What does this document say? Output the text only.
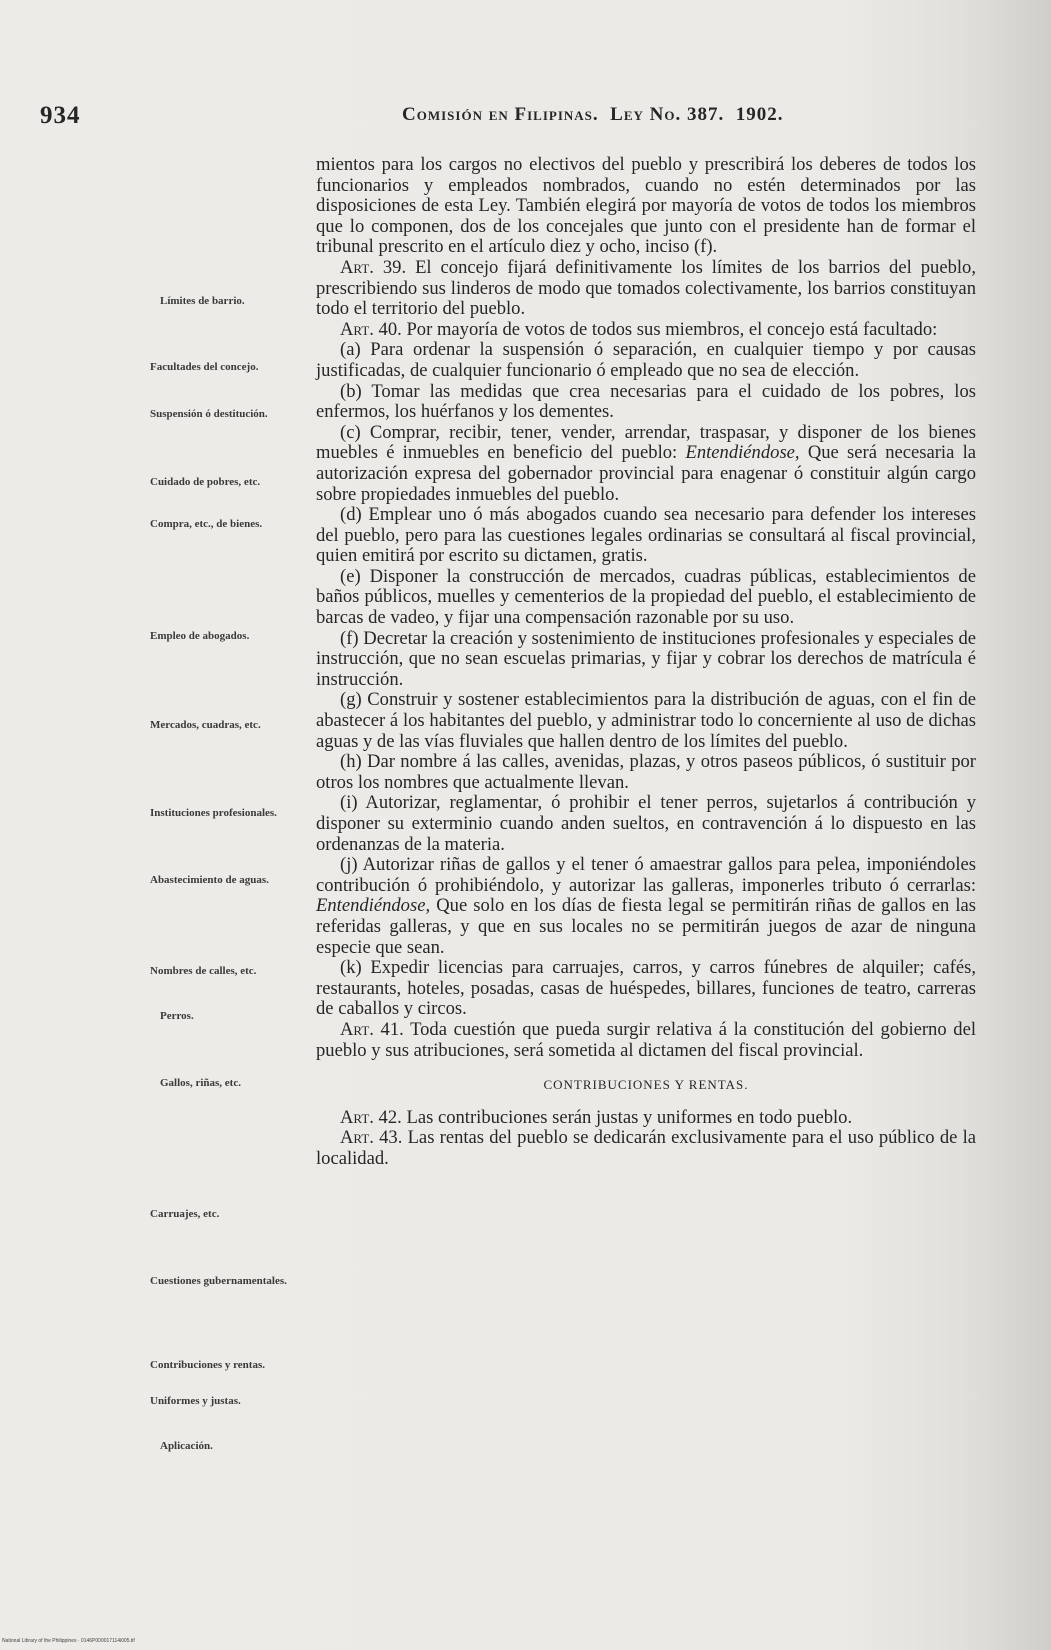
934	Comisión en Filipinas. Ley No. 387. 1902.
Límites de barrio.
Facultades del concejo.
Suspensión ó destitución.
Cuidado de pobres, etc.
Compra, etc., de bienes.
Empleo de abogados.
Mercados, cuadras, etc.
Instituciones profesionales.
Abastecimiento de aguas.
Nombres de calles, etc.
Perros.
Gallos, riñas, etc.
Carruajes, etc.
Cuestiones gubernamentales.
Contribuciones y rentas.
Uniformes y justas.
Aplicación.

mientos para los cargos no electivos del pueblo y prescribirá los deberes de todos los funcionarios y empleados nombrados, cuando no estén determinados por las disposiciones de esta Ley. También elegirá por mayoría de votos de todos los miembros que lo componen, dos de los concejales que junto con el presidente han de formar el tribunal prescrito en el artículo diez y ocho, inciso (f).

Art. 39. El concejo fijará definitivamente los límites de los barrios del pueblo, prescribiendo sus linderos de modo que tomados colectivamente, los barrios constituyan todo el territorio del pueblo.

Art. 40. Por mayoría de votos de todos sus miembros, el concejo está facultado:

(a) Para ordenar la suspensión ó separación, en cualquier tiempo y por causas justificadas, de cualquier funcionario ó empleado que no sea de elección.

(b) Tomar las medidas que crea necesarias para el cuidado de los pobres, los enfermos, los huérfanos y los dementes.

(c) Comprar, recibir, tener, vender, arrendar, traspasar, y disponer de los bienes muebles é inmuebles en beneficio del pueblo: Entendiéndose, Que será necesaria la autorización expresa del gobernador provincial para enagenar ó constituir algún cargo sobre propiedades inmuebles del pueblo.

(d) Emplear uno ó más abogados cuando sea necesario para defender los intereses del pueblo, pero para las cuestiones legales ordinarias se consultará al fiscal provincial, quien emitirá por escrito su dictamen, gratis.

(e) Disponer la construcción de mercados, cuadras públicas, establecimientos de baños públicos, muelles y cementerios de la propiedad del pueblo, el establecimiento de barcas de vadeo, y fijar una compensación razonable por su uso.

(f) Decretar la creación y sostenimiento de instituciones profesionales y especiales de instrucción, que no sean escuelas primarias, y fijar y cobrar los derechos de matrícula é instrucción.

(g) Construir y sostener establecimientos para la distribución de aguas, con el fin de abastecer á los habitantes del pueblo, y administrar todo lo concerniente al uso de dichas aguas y de las vías fluviales que hallen dentro de los límites del pueblo.

(h) Dar nombre á las calles, avenidas, plazas, y otros paseos públicos, ó sustituir por otros los nombres que actualmente llevan.

(i) Autorizar, reglamentar, ó prohibir el tener perros, sujetarlos á contribución y disponer su exterminio cuando anden sueltos, en contravención á lo dispuesto en las ordenanzas de la materia.

(j) Autorizar riñas de gallos y el tener ó amaestrar gallos para pelea, imponiéndoles contribución ó prohibiéndolo, y autorizar las galleras, imponerles tributo ó cerrarlas: Entendiéndose, Que solo en los días de fiesta legal se permitirán riñas de gallos en las referidas galleras, y que en sus locales no se permitirán juegos de azar de ninguna especie que sean.

(k) Expedir licencias para carruajes, carros, y carros fúnebres de alquiler; cafés, restaurants, hoteles, posadas, casas de huéspedes, billares, funciones de teatro, carreras de caballos y circos.

Art. 41. Toda cuestión que pueda surgir relativa á la constitución del gobierno del pueblo y sus atribuciones, será sometida al dictamen del fiscal provincial.

CONTRIBUCIONES Y RENTAS.

Art. 42. Las contribuciones serán justas y uniformes en todo pueblo.

Art. 43. Las rentas del pueblo se dedicarán exclusivamente para el uso público de la localidad.

National Library of the Philippines · 0146P000017114i005.tif
